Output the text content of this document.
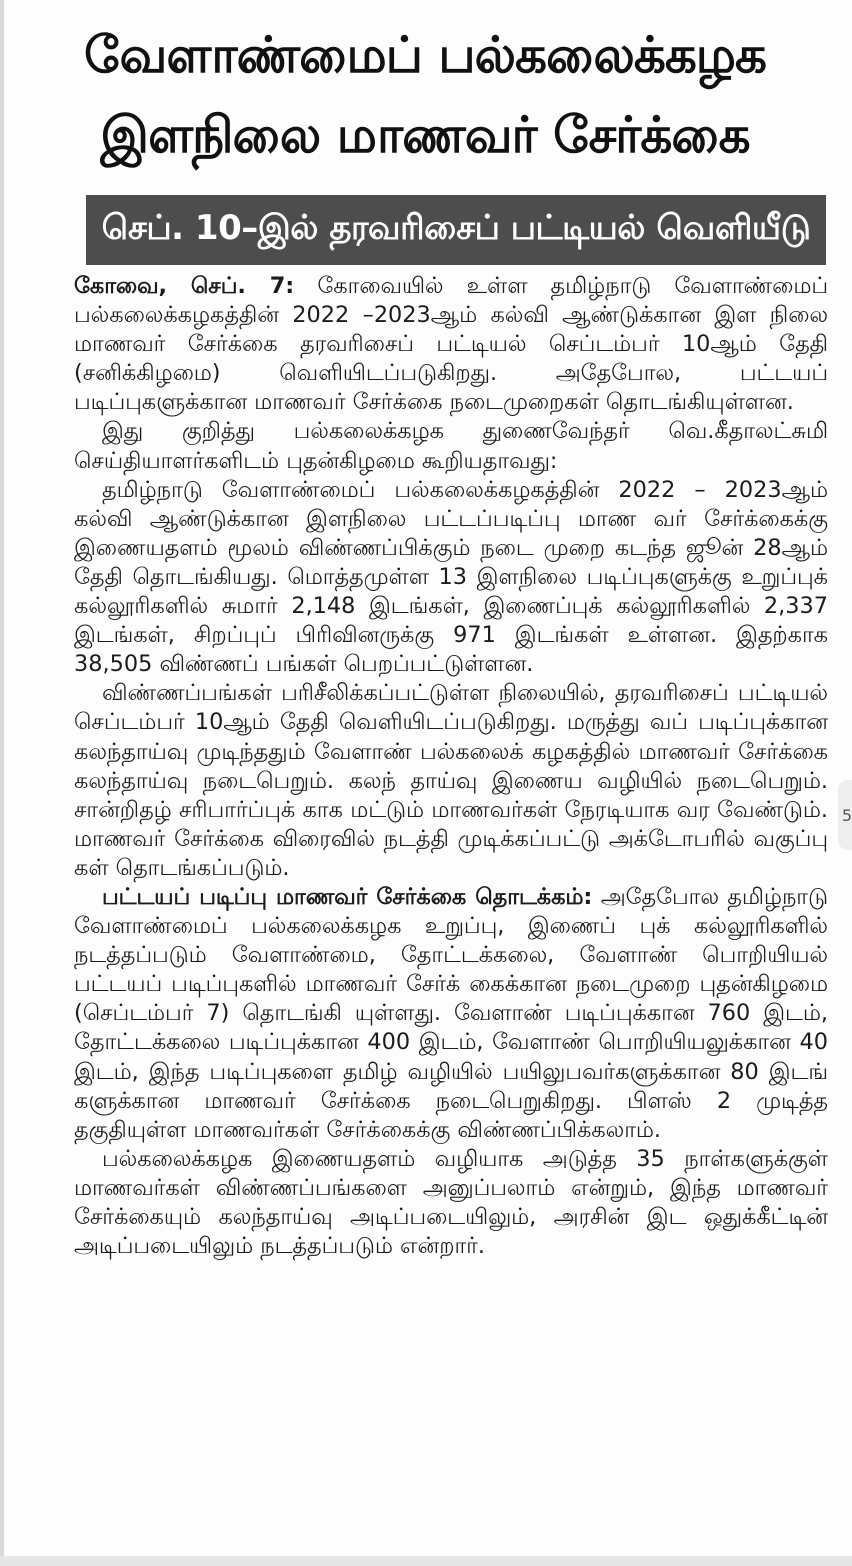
வேளாண்மைப் பல்கலைக்கழக
இளநிலை மாணவர் சேர்க்கை
செப். 10–இல் தரவரிசைப் பட்டியல் வெளியீடு

கோவை, செப். 7: கோவையில் உள்ள தமிழ்நாடு வேளாண்மைப் பல்கலைக்கழகத்தின் 2022 –2023ஆம் கல்வி ஆண்டுக்கான இள நிலை மாணவர் சேர்க்கை தரவரிசைப் பட்டியல் செப்டம்பர் 10ஆம் தேதி (சனிக்கிழமை) வெளியிடப்படுகிறது. அதேபோல, பட்டயப் படிப்புகளுக்கான மாணவர் சேர்க்கை நடைமுறைகள் தொடங்கியுள்ளன.

இது குறித்து பல்கலைக்கழக துணைவேந்தர் வெ.கீதாலட்சுமி செய்தியாளர்களிடம் புதன்கிழமை கூறியதாவது:

தமிழ்நாடு வேளாண்மைப் பல்கலைக்கழகத்தின் 2022 – 2023ஆம் கல்வி ஆண்டுக்கான இளநிலை பட்டப்படிப்பு மாண வர் சேர்க்கைக்கு இணையதளம் மூலம் விண்ணப்பிக்கும் நடை முறை கடந்த ஜூன் 28ஆம் தேதி தொடங்கியது. மொத்தமுள்ள 13 இளநிலை படிப்புகளுக்கு உறுப்புக் கல்லூரிகளில் சுமார் 2,148 இடங்கள், இணைப்புக் கல்லூரிகளில் 2,337 இடங்கள், சிறப்புப் பிரிவினருக்கு 971 இடங்கள் உள்ளன. இதற்காக 38,505 விண்ணப் பங்கள் பெறப்பட்டுள்ளன.

விண்ணப்பங்கள் பரிசீலிக்கப்பட்டுள்ள நிலையில், தரவரிசைப் பட்டியல் செப்டம்பர் 10ஆம் தேதி வெளியிடப்படுகிறது. மருத்து வப் படிப்புக்கான கலந்தாய்வு முடிந்ததும் வேளாண் பல்கலைக் கழகத்தில் மாணவர் சேர்க்கை கலந்தாய்வு நடைபெறும். கலந் தாய்வு இணைய வழியில் நடைபெறும். சான்றிதழ் சரிபார்ப்புக் காக மட்டும் மாணவர்கள் நேரடியாக வர வேண்டும். மாணவர் சேர்க்கை விரைவில் நடத்தி முடிக்கப்பட்டு அக்டோபரில் வகுப்பு கள் தொடங்கப்படும்.

பட்டயப் படிப்பு மாணவர் சேர்க்கை தொடக்கம்: அதேபோல தமிழ்நாடு வேளாண்மைப் பல்கலைக்கழக உறுப்பு, இணைப் புக் கல்லூரிகளில் நடத்தப்படும் வேளாண்மை, தோட்டக்கலை, வேளாண் பொறியியல் பட்டயப் படிப்புகளில் மாணவர் சேர்க் கைக்கான நடைமுறை புதன்கிழமை (செப்டம்பர் 7) தொடங்கி யுள்ளது. வேளாண் படிப்புக்கான 760 இடம், தோட்டக்கலை படிப்புக்கான 400 இடம், வேளாண் பொறியியலுக்கான 40 இடம், இந்த படிப்புகளை தமிழ் வழியில் பயிலுபவர்களுக்கான 80 இடங் களுக்கான மாணவர் சேர்க்கை நடைபெறுகிறது. பிளஸ் 2 முடித்த தகுதியுள்ள மாணவர்கள் சேர்க்கைக்கு விண்ணப்பிக்கலாம்.

பல்கலைக்கழக இணையதளம் வழியாக அடுத்த 35 நாள்களுக்குள் மாணவர்கள் விண்ணப்பங்களை அனுப்பலாம் என்றும், இந்த மாணவர் சேர்க்கையும் கலந்தாய்வு அடிப்படையிலும், அரசின் இட ஒதுக்கீட்டின் அடிப்படையிலும் நடத்தப்படும் என்றார்.

5
